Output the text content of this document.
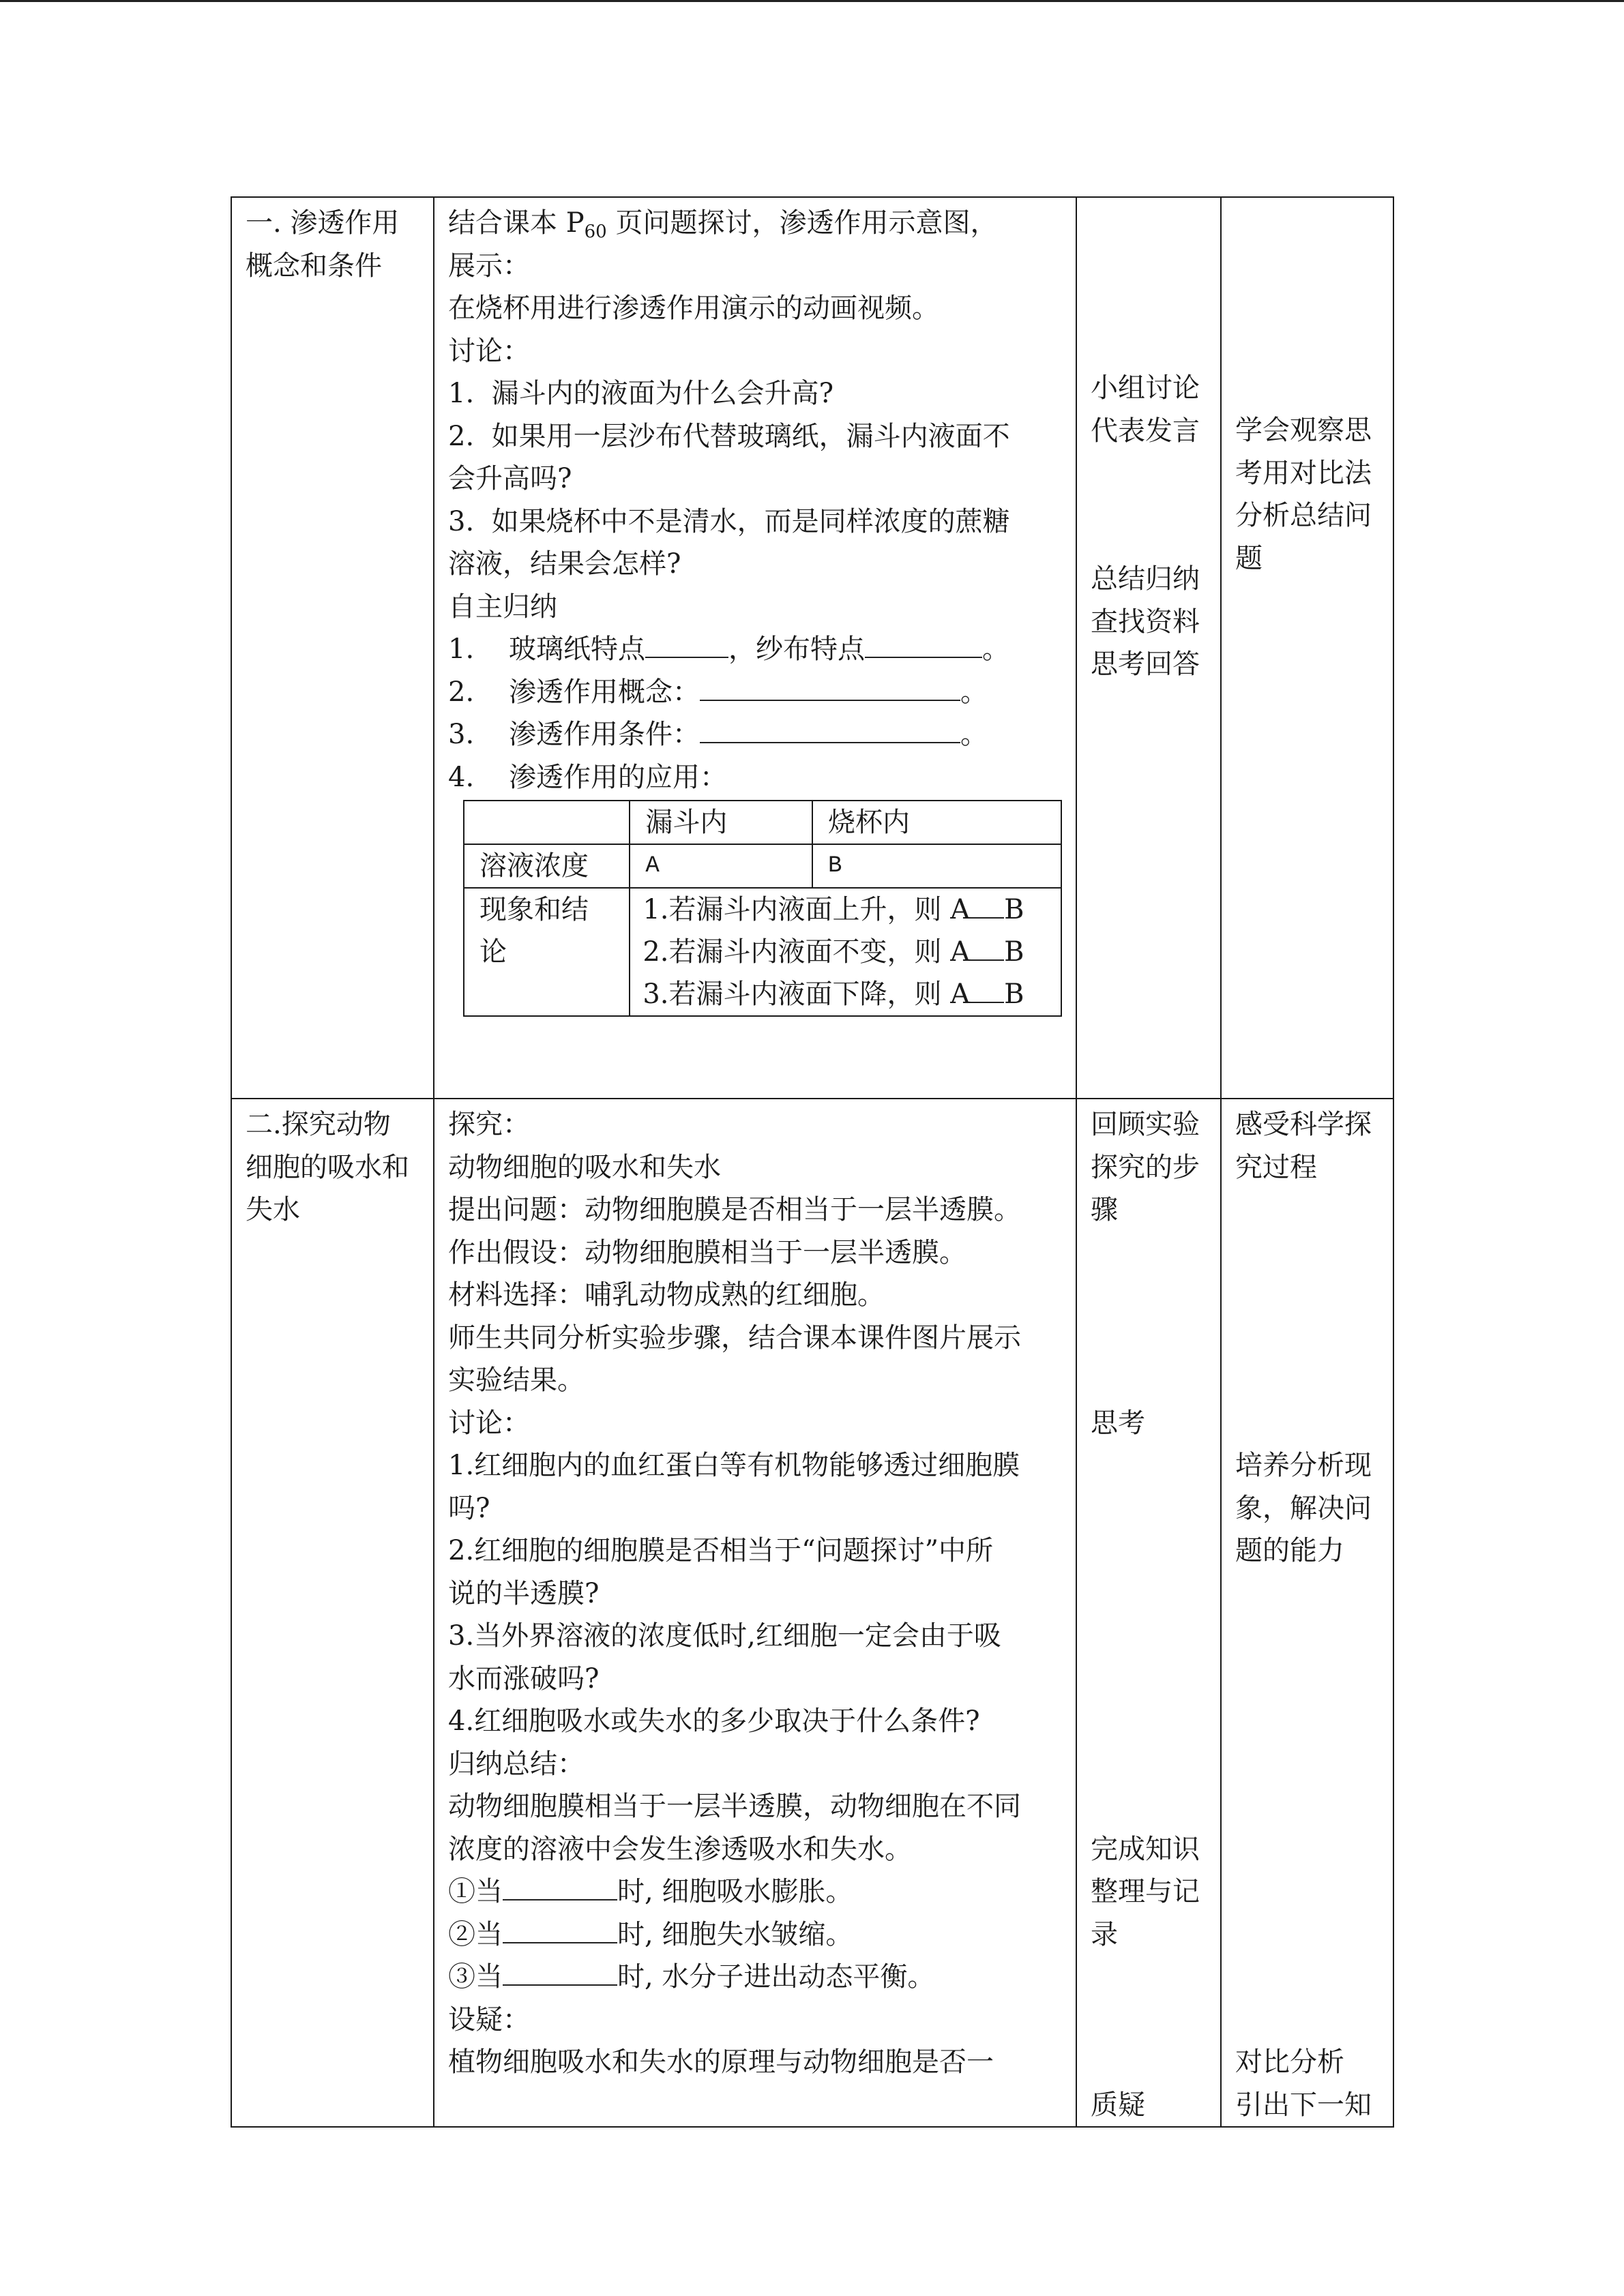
一. 渗透作用
概念和条件

结合课本 $P_{60}$ 页问题探讨，渗透作用示意图，
展示：
在烧杯用进行渗透作用演示的动画视频。
讨论：
1.  漏斗内的液面为什么会升高?
2.  如果用一层沙布代替玻璃纸，漏斗内液面不
会升高吗?
3.  如果烧杯中不是清水，而是同样浓度的蔗糖
溶液，结果会怎样?
自主归纳
1.    玻璃纸特点	，纱布特点	。
2.    渗透作用概念：	。
3.    渗透作用条件：	。
4.    渗透作用的应用：
	漏斗内	烧杯内
溶液浓度	A	B
现象和结论	
1.若漏斗内液面上升，则 A B
2.若漏斗内液面不变，则 A B
3.若漏斗内液面下降，则 A B

小组讨论
代表发言
总结归纳
查找资料
思考回答

学会观察思
考用对比法
分析总结问
题

二.探究动物
细胞的吸水和
失水

探究：
动物细胞的吸水和失水
提出问题：动物细胞膜是否相当于一层半透膜。
作出假设：动物细胞膜相当于一层半透膜。
材料选择：哺乳动物成熟的红细胞。
师生共同分析实验步骤，结合课本课件图片展示
实验结果。
讨论：
1.红细胞内的血红蛋白等有机物能够透过细胞膜
吗?
2.红细胞的细胞膜是否相当于“问题探讨”中所
说的半透膜?
3.当外界溶液的浓度低时,红细胞一定会由于吸
水而涨破吗?
4.红细胞吸水或失水的多少取决于什么条件?
归纳总结：
动物细胞膜相当于一层半透膜，动物细胞在不同
浓度的溶液中会发生渗透吸水和失水。
①当	时, 细胞吸水膨胀。
②当	时, 细胞失水皱缩。
③当	时, 水分子进出动态平衡。
设疑：
植物细胞吸水和失水的原理与动物细胞是否一

回顾实验
探究的步
骤

思考

完成知识
整理与记
录

质疑

感受科学探
究过程

培养分析现
象，解决问
题的能力

对比分析
引出下一知
